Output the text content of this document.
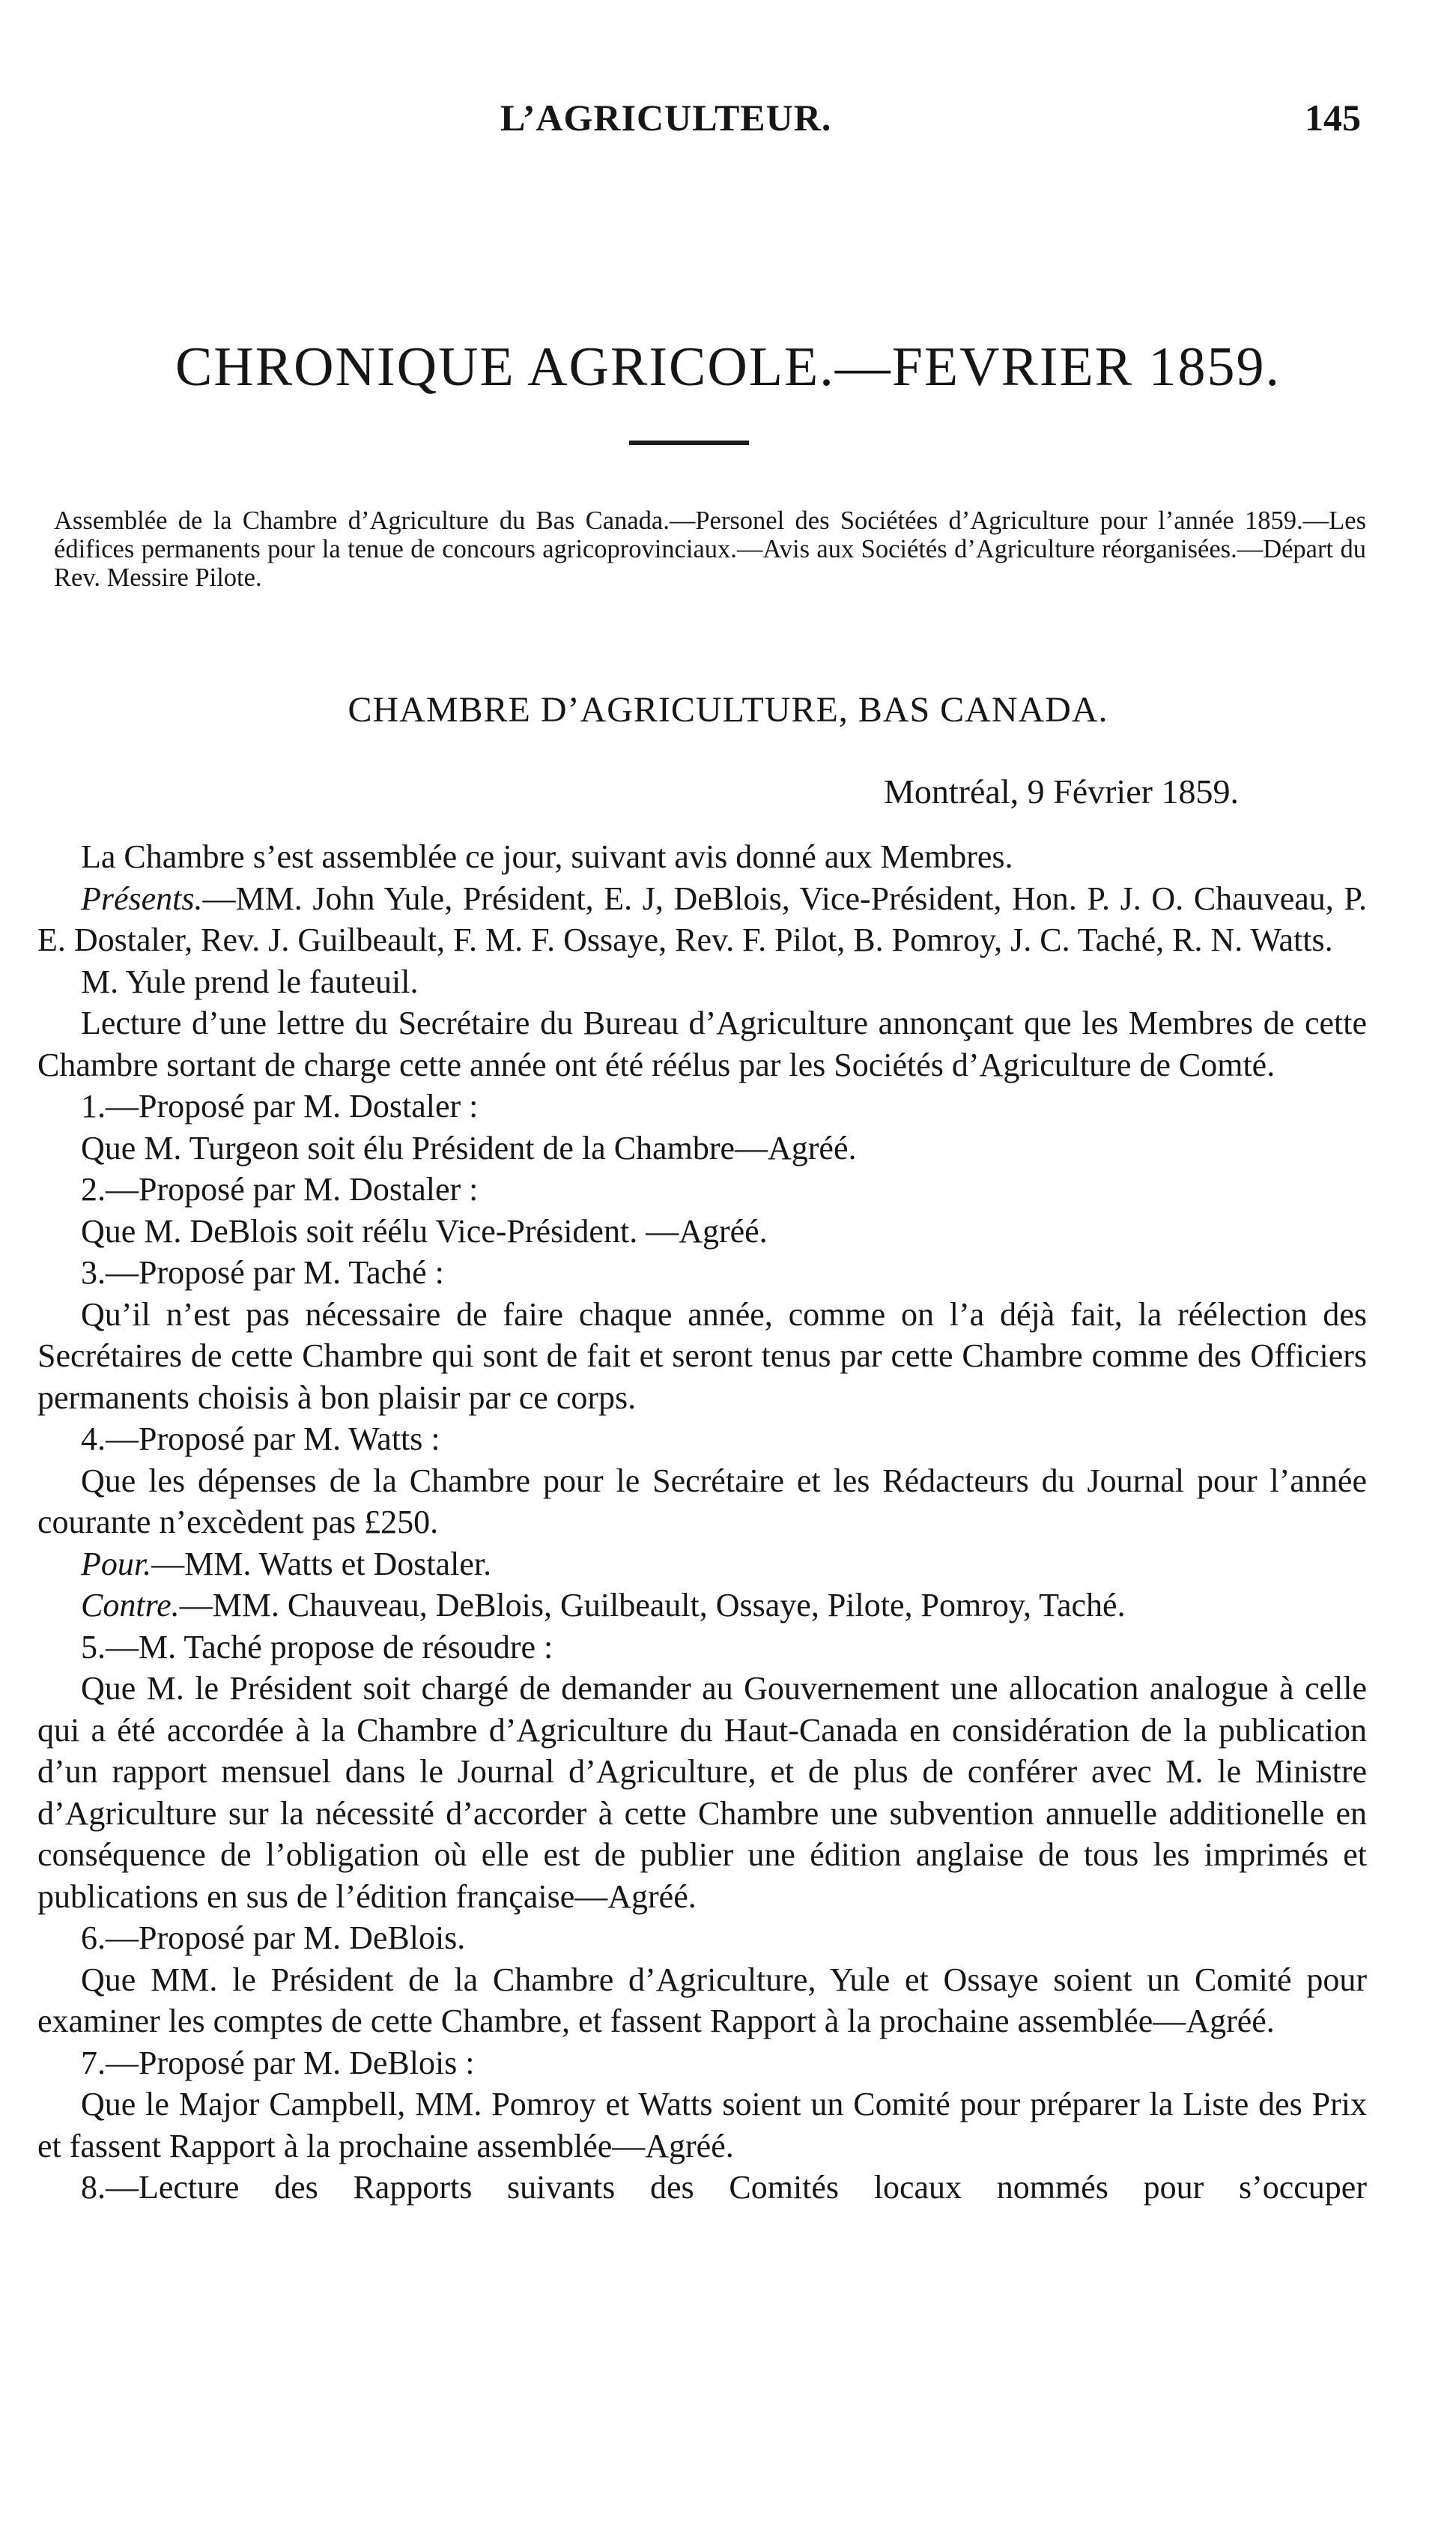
L’AGRICULTEUR.	145
CHRONIQUE AGRICOLE.—FEVRIER 1859.
Assemblée de la Chambre d’Agriculture du Bas Canada.—Personel des Sociétées d’Agriculture pour l’année 1859.—Les édifices permanents pour la tenue de concours agricoprovinciaux.—Avis aux Sociétés d’Agriculture réorganisées.—Départ du Rev. Messire Pilote.
CHAMBRE D’AGRICULTURE, BAS CANADA.
Montréal, 9 Février 1859.

La Chambre s’est assemblée ce jour, suivant avis donné aux Membres.

Présents.—MM. John Yule, Président, E. J, DeBlois, Vice-Président, Hon. P. J. O. Chauveau, P. E. Dostaler, Rev. J. Guilbeault, F. M. F. Ossaye, Rev. F. Pilot, B. Pomroy, J. C. Taché, R. N. Watts.

M. Yule prend le fauteuil.

Lecture d’une lettre du Secrétaire du Bureau d’Agriculture annonçant que les Membres de cette Chambre sortant de charge cette année ont été réélus par les Sociétés d’Agriculture de Comté.

1.—Proposé par M. Dostaler :

Que M. Turgeon soit élu Président de la Chambre—Agréé.

2.—Proposé par M. Dostaler :

Que M. DeBlois soit réélu Vice-Président. —Agréé.

3.—Proposé par M. Taché :

Qu’il n’est pas nécessaire de faire chaque année, comme on l’a déjà fait, la réélection des Secrétaires de cette Chambre qui sont de fait et seront tenus par cette Chambre comme des Officiers permanents choisis à bon plaisir par ce corps.

4.—Proposé par M. Watts :

Que les dépenses de la Chambre pour le Secrétaire et les Rédacteurs du Journal pour l’année courante n’excèdent pas £250.

Pour.—MM. Watts et Dostaler.

Contre.—MM. Chauveau, DeBlois, Guilbeault, Ossaye, Pilote, Pomroy, Taché.

5.—M. Taché propose de résoudre :

Que M. le Président soit chargé de demander au Gouvernement une allocation analogue à celle qui a été accordée à la Chambre d’Agriculture du Haut-Canada en considération de la publication d’un rapport mensuel dans le Journal d’Agriculture, et de plus de conférer avec M. le Ministre d’Agriculture sur la nécessité d’accorder à cette Chambre une subvention annuelle additionelle en conséquence de l’obligation où elle est de publier une édition anglaise de tous les imprimés et publications en sus de l’édition française—Agréé.

6.—Proposé par M. DeBlois.

Que MM. le Président de la Chambre d’Agriculture, Yule et Ossaye soient un Comité pour examiner les comptes de cette Chambre, et fassent Rapport à la prochaine assemblée—Agréé.

7.—Proposé par M. DeBlois :

Que le Major Campbell, MM. Pomroy et Watts soient un Comité pour préparer la Liste des Prix et fassent Rapport à la prochaine assemblée—Agréé.

8.—Lecture des Rapports suivants des Comités locaux nommés pour s’occuper
